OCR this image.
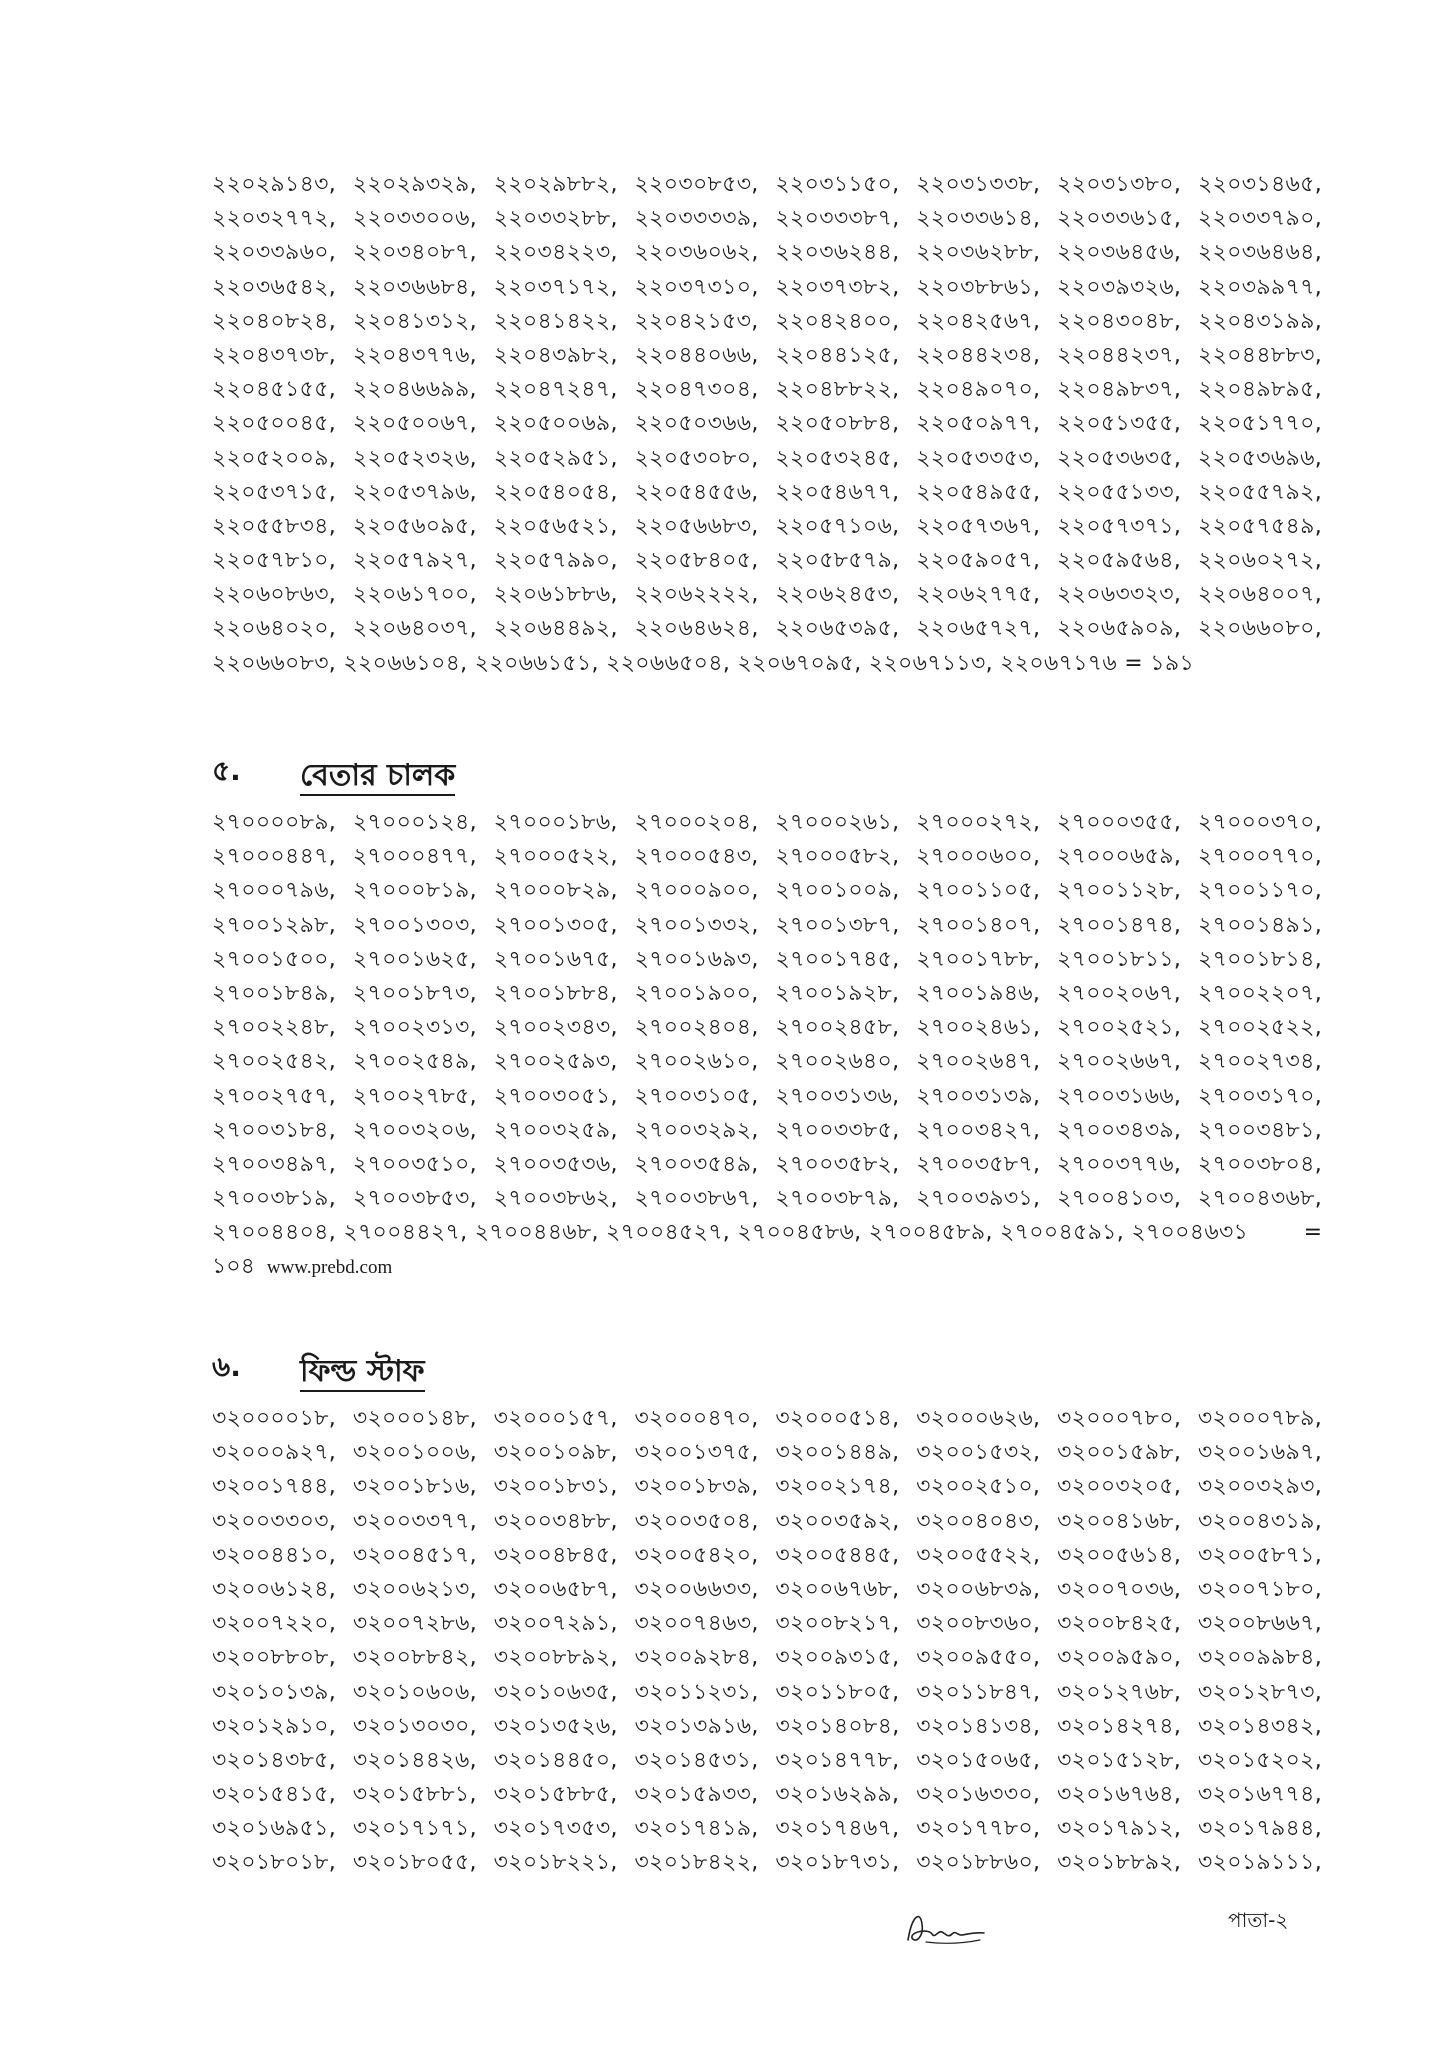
২২০২৯১৪৩, ২২০২৯৩২৯, ২২০২৯৮৮২, ২২০৩০৮৫৩, ২২০৩১১৫০, ২২০৩১৩৩৮, ২২০৩১৩৮০, ২২০৩১৪৬৫,
২২০৩২৭৭২, ২২০৩৩০০৬, ২২০৩৩২৮৮, ২২০৩৩৩৩৯, ২২০৩৩৩৮৭, ২২০৩৩৬১৪, ২২০৩৩৬১৫, ২২০৩৩৭৯০,
২২০৩৩৯৬০, ২২০৩৪০৮৭, ২২০৩৪২২৩, ২২০৩৬০৬২, ২২০৩৬২৪৪, ২২০৩৬২৮৮, ২২০৩৬৪৫৬, ২২০৩৬৪৬৪,
২২০৩৬৫৪২, ২২০৩৬৬৮৪, ২২০৩৭১৭২, ২২০৩৭৩১০, ২২০৩৭৩৮২, ২২০৩৮৮৬১, ২২০৩৯৩২৬, ২২০৩৯৯৭৭,
২২০৪০৮২৪, ২২০৪১৩১২, ২২০৪১৪২২, ২২০৪২১৫৩, ২২০৪২৪০০, ২২০৪২৫৬৭, ২২০৪৩০৪৮, ২২০৪৩১৯৯,
২২০৪৩৭৩৮, ২২০৪৩৭৭৬, ২২০৪৩৯৮২, ২২০৪৪০৬৬, ২২০৪৪১২৫, ২২০৪৪২৩৪, ২২০৪৪২৩৭, ২২০৪৪৮৮৩,
২২০৪৫১৫৫, ২২০৪৬৬৯৯, ২২০৪৭২৪৭, ২২০৪৭৩০৪, ২২০৪৮৮২২, ২২০৪৯০৭০, ২২০৪৯৮৩৭, ২২০৪৯৮৯৫,
২২০৫০০৪৫, ২২০৫০০৬৭, ২২০৫০০৬৯, ২২০৫০৩৬৬, ২২০৫০৮৮৪, ২২০৫০৯৭৭, ২২০৫১৩৫৫, ২২০৫১৭৭০,
২২০৫২০০৯, ২২০৫২৩২৬, ২২০৫২৯৫১, ২২০৫৩০৮০, ২২০৫৩২৪৫, ২২০৫৩৩৫৩, ২২০৫৩৬৩৫, ২২০৫৩৬৯৬,
২২০৫৩৭১৫, ২২০৫৩৭৯৬, ২২০৫৪০৫৪, ২২০৫৪৫৫৬, ২২০৫৪৬৭৭, ২২০৫৪৯৫৫, ২২০৫৫১৩৩, ২২০৫৫৭৯২,
২২০৫৫৮৩৪, ২২০৫৬০৯৫, ২২০৫৬৫২১, ২২০৫৬৬৮৩, ২২০৫৭১০৬, ২২০৫৭৩৬৭, ২২০৫৭৩৭১, ২২০৫৭৫৪৯,
২২০৫৭৮১০, ২২০৫৭৯২৭, ২২০৫৭৯৯০, ২২০৫৮৪০৫, ২২০৫৮৫৭৯, ২২০৫৯০৫৭, ২২০৫৯৫৬৪, ২২০৬০২৭২,
২২০৬০৮৬৩, ২২০৬১৭০০, ২২০৬১৮৮৬, ২২০৬২২২২, ২২০৬২৪৫৩, ২২০৬২৭৭৫, ২২০৬৩৩২৩, ২২০৬৪০০৭,
২২০৬৪০২০, ২২০৬৪০৩৭, ২২০৬৪৪৯২, ২২০৬৪৬২৪, ২২০৬৫৩৯৫, ২২০৬৫৭২৭, ২২০৬৫৯০৯, ২২০৬৬০৮০,
২২০৬৬০৮৩, ২২০৬৬১০৪, ২২০৬৬১৫১, ২২০৬৬৫০৪, ২২০৬৭০৯৫, ২২০৬৭১১৩, ২২০৬৭১৭৬ = ১৯১
৫.	বেতার চালক
২৭০০০০৮৯, ২৭০০০১২৪, ২৭০০০১৮৬, ২৭০০০২০৪, ২৭০০০২৬১, ২৭০০০২৭২, ২৭০০০৩৫৫, ২৭০০০৩৭০,
২৭০০০৪৪৭, ২৭০০০৪৭৭, ২৭০০০৫২২, ২৭০০০৫৪৩, ২৭০০০৫৮২, ২৭০০০৬০০, ২৭০০০৬৫৯, ২৭০০০৭৭০,
২৭০০০৭৯৬, ২৭০০০৮১৯, ২৭০০০৮২৯, ২৭০০০৯০০, ২৭০০১০০৯, ২৭০০১১০৫, ২৭০০১১২৮, ২৭০০১১৭০,
২৭০০১২৯৮, ২৭০০১৩০৩, ২৭০০১৩০৫, ২৭০০১৩৩২, ২৭০০১৩৮৭, ২৭০০১৪০৭, ২৭০০১৪৭৪, ২৭০০১৪৯১,
২৭০০১৫০০, ২৭০০১৬২৫, ২৭০০১৬৭৫, ২৭০০১৬৯৩, ২৭০০১৭৪৫, ২৭০০১৭৮৮, ২৭০০১৮১১, ২৭০০১৮১৪,
২৭০০১৮৪৯, ২৭০০১৮৭৩, ২৭০০১৮৮৪, ২৭০০১৯০০, ২৭০০১৯২৮, ২৭০০১৯৪৬, ২৭০০২০৬৭, ২৭০০২২০৭,
২৭০০২২৪৮, ২৭০০২৩১৩, ২৭০০২৩৪৩, ২৭০০২৪০৪, ২৭০০২৪৫৮, ২৭০০২৪৬১, ২৭০০২৫২১, ২৭০০২৫২২,
২৭০০২৫৪২, ২৭০০২৫৪৯, ২৭০০২৫৯৩, ২৭০০২৬১০, ২৭০০২৬৪০, ২৭০০২৬৪৭, ২৭০০২৬৬৭, ২৭০০২৭৩৪,
২৭০০২৭৫৭, ২৭০০২৭৮৫, ২৭০০৩০৫১, ২৭০০৩১০৫, ২৭০০৩১৩৬, ২৭০০৩১৩৯, ২৭০০৩১৬৬, ২৭০০৩১৭০,
২৭০০৩১৮৪, ২৭০০৩২০৬, ২৭০০৩২৫৯, ২৭০০৩২৯২, ২৭০০৩৩৮৫, ২৭০০৩৪২৭, ২৭০০৩৪৩৯, ২৭০০৩৪৮১,
২৭০০৩৪৯৭, ২৭০০৩৫১০, ২৭০০৩৫৩৬, ২৭০০৩৫৪৯, ২৭০০৩৫৮২, ২৭০০৩৫৮৭, ২৭০০৩৭৭৬, ২৭০০৩৮০৪,
২৭০০৩৮১৯, ২৭০০৩৮৫৩, ২৭০০৩৮৬২, ২৭০০৩৮৬৭, ২৭০০৩৮৭৯, ২৭০০৩৯৩১, ২৭০০৪১০৩, ২৭০০৪৩৬৮,
২৭০০৪৪০৪, ২৭০০৪৪২৭, ২৭০০৪৪৬৮, ২৭০০৪৫২৭, ২৭০০৪৫৮৬, ২৭০০৪৫৮৯, ২৭০০৪৫৯১, ২৭০০৪৬৩১	=
১০৪ www.prebd.com
৬.	ফিল্ড স্টাফ
৩২০০০০১৮, ৩২০০০১৪৮, ৩২০০০১৫৭, ৩২০০০৪৭০, ৩২০০০৫১৪, ৩২০০০৬২৬, ৩২০০০৭৮০, ৩২০০০৭৮৯,
৩২০০০৯২৭, ৩২০০১০০৬, ৩২০০১০৯৮, ৩২০০১৩৭৫, ৩২০০১৪৪৯, ৩২০০১৫৩২, ৩২০০১৫৯৮, ৩২০০১৬৯৭,
৩২০০১৭৪৪, ৩২০০১৮১৬, ৩২০০১৮৩১, ৩২০০১৮৩৯, ৩২০০২১৭৪, ৩২০০২৫১০, ৩২০০৩২০৫, ৩২০০৩২৯৩,
৩২০০৩৩০৩, ৩২০০৩৩৭৭, ৩২০০৩৪৮৮, ৩২০০৩৫০৪, ৩২০০৩৫৯২, ৩২০০৪০৪৩, ৩২০০৪১৬৮, ৩২০০৪৩১৯,
৩২০০৪৪১০, ৩২০০৪৫১৭, ৩২০০৪৮৪৫, ৩২০০৫৪২০, ৩২০০৫৪৪৫, ৩২০০৫৫২২, ৩২০০৫৬১৪, ৩২০০৫৮৭১,
৩২০০৬১২৪, ৩২০০৬২১৩, ৩২০০৬৫৮৭, ৩২০০৬৬৩৩, ৩২০০৬৭৬৮, ৩২০০৬৮৩৯, ৩২০০৭০৩৬, ৩২০০৭১৮০,
৩২০০৭২২০, ৩২০০৭২৮৬, ৩২০০৭২৯১, ৩২০০৭৪৬৩, ৩২০০৮২১৭, ৩২০০৮৩৬০, ৩২০০৮৪২৫, ৩২০০৮৬৬৭,
৩২০০৮৮০৮, ৩২০০৮৮৪২, ৩২০০৮৮৯২, ৩২০০৯২৮৪, ৩২০০৯৩১৫, ৩২০০৯৫৫০, ৩২০০৯৫৯০, ৩২০০৯৯৮৪,
৩২০১০১৩৯, ৩২০১০৬০৬, ৩২০১০৬৩৫, ৩২০১১২৩১, ৩২০১১৮০৫, ৩২০১১৮৪৭, ৩২০১২৭৬৮, ৩২০১২৮৭৩,
৩২০১২৯১০, ৩২০১৩০৩০, ৩২০১৩৫২৬, ৩২০১৩৯১৬, ৩২০১৪০৮৪, ৩২০১৪১৩৪, ৩২০১৪২৭৪, ৩২০১৪৩৪২,
৩২০১৪৩৮৫, ৩২০১৪৪২৬, ৩২০১৪৪৫০, ৩২০১৪৫৩১, ৩২০১৪৭৭৮, ৩২০১৫০৬৫, ৩২০১৫১২৮, ৩২০১৫২০২,
৩২০১৫৪১৫, ৩২০১৫৮৮১, ৩২০১৫৮৮৫, ৩২০১৫৯৩৩, ৩২০১৬২৯৯, ৩২০১৬৩৩০, ৩২০১৬৭৬৪, ৩২০১৬৭৭৪,
৩২০১৬৯৫১, ৩২০১৭১৭১, ৩২০১৭৩৫৩, ৩২০১৭৪১৯, ৩২০১৭৪৬৭, ৩২০১৭৭৮০, ৩২০১৭৯১২, ৩২০১৭৯৪৪,
৩২০১৮০১৮, ৩২০১৮০৫৫, ৩২০১৮২২১, ৩২০১৮৪২২, ৩২০১৮৭৩১, ৩২০১৮৮৬০, ৩২০১৮৮৯২, ৩২০১৯১১১,
পাতা-২
